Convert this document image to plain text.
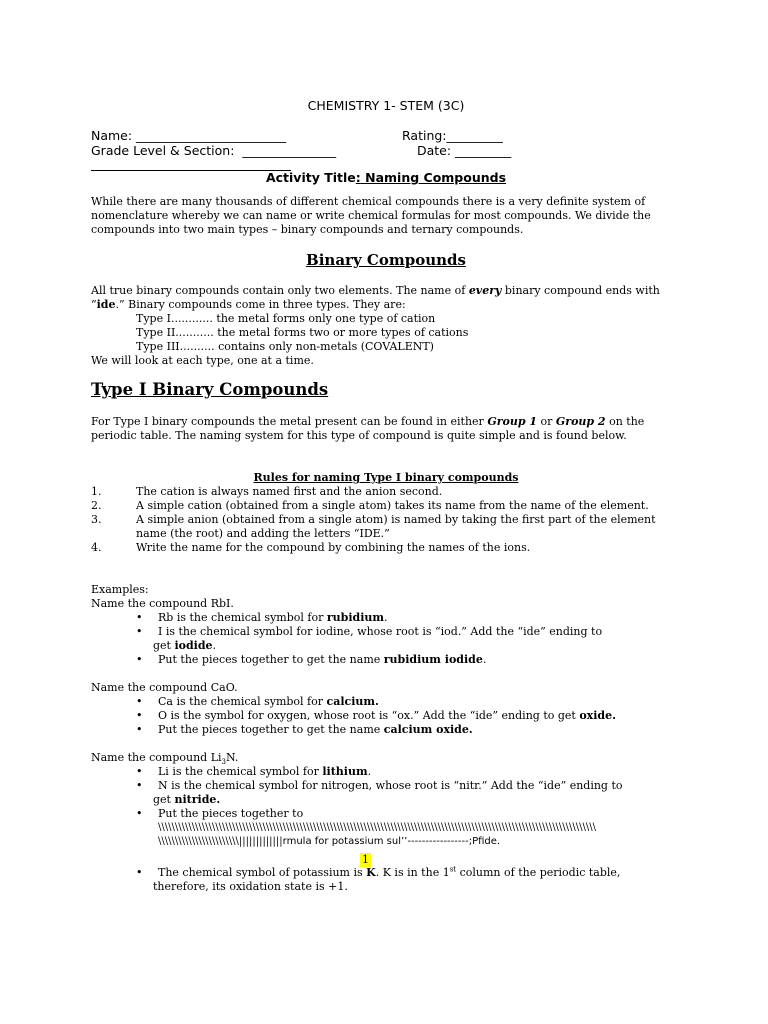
CHEMISTRY 1- STEM (3C)
Name: ________________________	Rating:_________
Grade Level & Section:  _______________	Date: _________
Activity Title: Naming Compounds
While there are many thousands of different chemical compounds there is a very definite system of nomenclature whereby we can name or write chemical formulas for most compounds. We divide the compounds into two main types – binary compounds and ternary compounds.
Binary Compounds
All true binary compounds contain only two elements. The name of every binary compound ends with “ide.” Binary compounds come in three types. They are:
Type I............ the metal forms only one type of cation
Type II........... the metal forms two or more types of cations
Type III.......... contains only non-metals (COVALENT)
We will look at each type, one at a time.
Type I Binary Compounds
For Type I binary compounds the metal present can be found in either Group 1 or Group 2 on the periodic table. The naming system for this type of compound is quite simple and is found below.
Rules for naming Type I binary compounds
1.	The cation is always named first and the anion second.
2.	A simple cation (obtained from a single atom) takes its name from the name of the element.
3.	A simple anion (obtained from a single atom) is named by taking the first part of the element name (the root) and adding the letters “IDE.”
4.	Write the name for the compound by combining the names of the ions.
Examples:
Name the compound RbI.
• Rb is the chemical symbol for rubidium.
• I is the chemical symbol for iodine, whose root is “iod.” Add the “ide” ending to
get iodide.
• Put the pieces together to get the name rubidium iodide.
Name the compound CaO.
• Ca is the chemical symbol for calcium.
• O is the symbol for oxygen, whose root is “ox.” Add the “ide” ending to get oxide.
• Put the pieces together to get the name calcium oxide.
Name the compound $Li_3N$.
• Li is the chemical symbol for lithium.
• N is the chemical symbol for nitrogen, whose root is “nitr.” Add the “ide” ending to
get nitride.
• Put the pieces together to
\\\\\\\\\\\\\\\\\\\\\\\\\\\\\\\\\\\\\\\\\\\\\\\\\\\\\\\\\\\\\\\\\\\\\\\\\\\\\\\\\\\\\\\\\\\\\\\\\\\\\\\\\\\\\\\\\\\\\\\\\\\\\\\\\\
\\\\\\\\\\\\\\\\\\\\\\\\|||||||||||||rmula for potassium sul’’-----------------;Pfide.
1
• The chemical symbol of potassium is K. K is in the 1st column of the periodic table,
therefore, its oxidation state is +1.
